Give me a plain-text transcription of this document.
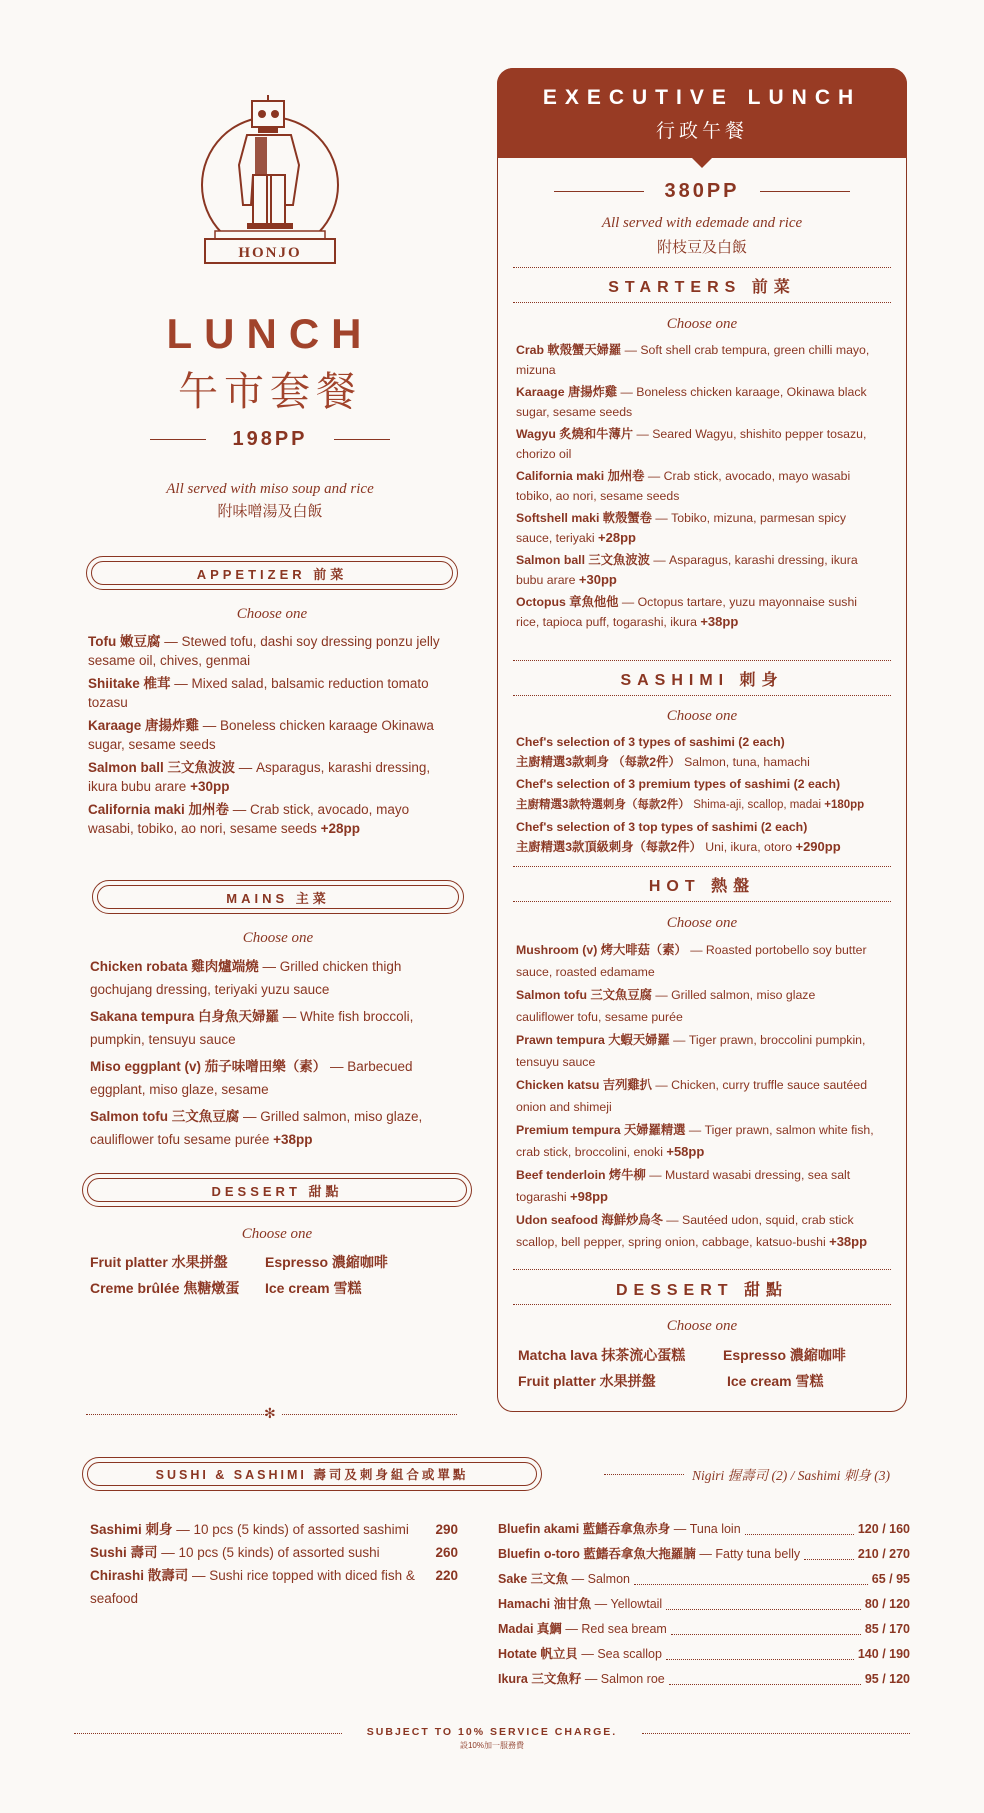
HONJO
LUNCH
午市套餐
198PP
All served with miso soup and rice
附味噌湯及白飯
APPETIZER 前菜
Choose one
Tofu 嫩豆腐 — Stewed tofu, dashi soy dressing ponzu jelly sesame oil, chives, genmai
Shiitake 椎茸 — Mixed salad, balsamic reduction tomato tozasu
Karaage 唐揚炸雞 — Boneless chicken karaage Okinawa sugar, sesame seeds
Salmon ball 三文魚波波 — Asparagus, karashi dressing, ikura bubu arare +30pp
California maki 加州卷 — Crab stick, avocado, mayo wasabi, tobiko, ao nori, sesame seeds +28pp
MAINS 主菜
Choose one
Chicken robata 雞肉爐端燒 — Grilled chicken thigh gochujang dressing, teriyaki yuzu sauce
Sakana tempura 白身魚天婦羅 — White fish broccoli, pumpkin, tensuyu sauce
Miso eggplant (v) 茄子味噌田樂（素） — Barbecued eggplant, miso glaze, sesame
Salmon tofu 三文魚豆腐 — Grilled salmon, miso glaze, cauliflower tofu sesame purée +38pp
DESSERT 甜點
Choose one
Fruit platter 水果拼盤	Espresso 濃縮咖啡
Creme brûlée 焦糖燉蛋	Ice cream 雪糕
✻
EXECUTIVE LUNCH
行政午餐
380PP
All served with edemade and rice
附枝豆及白飯
STARTERS 前菜
Choose one
Crab 軟殼蟹天婦羅 — Soft shell crab tempura, green chilli mayo, mizuna
Karaage 唐揚炸雞 — Boneless chicken karaage, Okinawa black sugar, sesame seeds
Wagyu 炙燒和牛薄片 — Seared Wagyu, shishito pepper tosazu, chorizo oil
California maki 加州卷 — Crab stick, avocado, mayo wasabi tobiko, ao nori, sesame seeds
Softshell maki 軟殼蟹卷 — Tobiko, mizuna, parmesan spicy sauce, teriyaki +28pp
Salmon ball 三文魚波波 — Asparagus, karashi dressing, ikura bubu arare +30pp
Octopus 章魚他他 — Octopus tartare, yuzu mayonnaise sushi rice, tapioca puff, togarashi, ikura +38pp
SASHIMI 刺身
Choose one
Chef's selection of 3 types of sashimi (2 each)
主廚精選3款刺身 （每款2件） Salmon, tuna, hamachi
Chef's selection of 3 premium types of sashimi (2 each)
主廚精選3款特選刺身（每款2件） Shima-aji, scallop, madai +180pp
Chef's selection of 3 top types of sashimi (2 each)
主廚精選3款頂級刺身（每款2件） Uni, ikura, otoro +290pp
HOT 熱盤
Choose one
Mushroom (v) 烤大啡菇（素） — Roasted portobello soy butter sauce, roasted edamame
Salmon tofu 三文魚豆腐 — Grilled salmon, miso glaze cauliflower tofu, sesame purée
Prawn tempura 大蝦天婦羅 — Tiger prawn, broccolini pumpkin, tensuyu sauce
Chicken katsu 吉列雞扒 — Chicken, curry truffle sauce sautéed onion and shimeji
Premium tempura 天婦羅精選 — Tiger prawn, salmon white fish, crab stick, broccolini, enoki +58pp
Beef tenderloin 烤牛柳 — Mustard wasabi dressing, sea salt togarashi +98pp
Udon seafood 海鮮炒烏冬 — Sautéed udon, squid, crab stick scallop, bell pepper, spring onion, cabbage, katsuo-bushi +38pp
DESSERT 甜點
Choose one
Matcha lava 抹茶流心蛋糕	Espresso 濃縮咖啡
Fruit platter 水果拼盤	Ice cream 雪糕
SUSHI & SASHIMI 壽司及刺身組合或單點	Nigiri 握壽司 (2) / Sashimi 刺身 (3)
Sashimi 刺身 — 10 pcs (5 kinds) of assorted sashimi	290
Sushi 壽司 — 10 pcs (5 kinds) of assorted sushi	260
Chirashi 散壽司 — Sushi rice topped with diced fish & seafood
220
Bluefin akami 藍鰭吞拿魚赤身 — Tuna loin	120 / 160
Bluefin o-toro 藍鰭吞拿魚大拖羅腩 — Fatty tuna belly	210 / 270
Sake 三文魚 — Salmon	65 / 95
Hamachi 油甘魚 — Yellowtail	80 / 120
Madai 真鯛 — Red sea bream	85 / 170
Hotate 帆立貝 — Sea scallop	140 / 190
Ikura 三文魚籽 — Salmon roe	95 / 120
SUBJECT TO 10% SERVICE CHARGE.
設10%加一服務費
